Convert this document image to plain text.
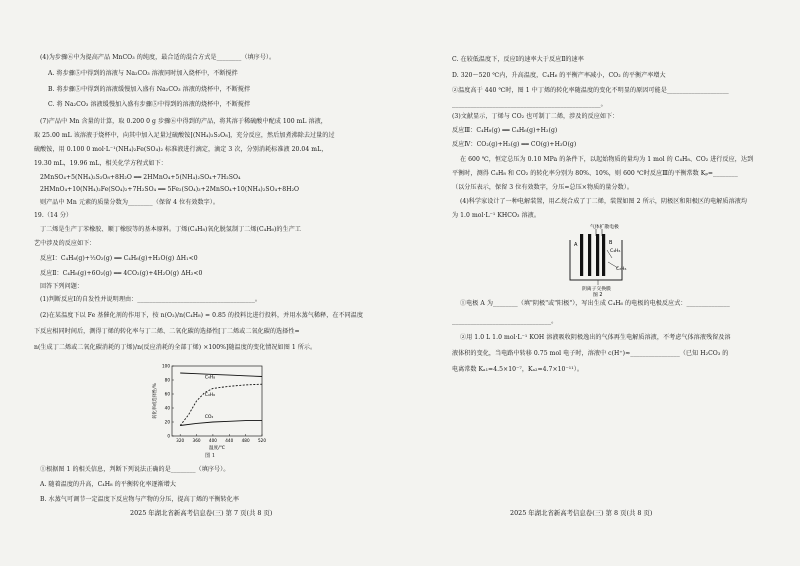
(4)为步骤⑥中为提高产品 MnCO₃ 的纯度，最合适的混合方式是________（填序号）。
A. 将步骤⑤中得到的溶液与 Na₂CO₃ 溶液同时加入烧杯中，不断搅拌
B. 将步骤⑤中得到的溶液缓慢加入盛有 Na₂CO₃ 溶液的烧杯中，不断搅拌
C. 将 Na₂CO₃ 溶液缓慢加入盛有步骤⑤中得到的溶液的烧杯中，不断搅拌
(7)产品中 Mn 含量的计算，取 0.200 0 g 步骤⑥中得到的产品，将其溶于稀硫酸中配成 100 mL 溶液，
取 25.00 mL 该溶液于烧杯中，向其中加入足量过硫酸铵[(NH₄)₂S₂O₈]，充分反应，然后加煮沸除去过量的过
硫酸铵，用 0.100 0 mol·L⁻¹(NH₄)₂Fe(SO₄)₂ 标准液进行滴定，滴定 3 次，分别消耗标准液 20.04 mL，
19.30 mL，19.96 mL，相关化学方程式如下：
2MnSO₄+5(NH₄)₂S₂O₈+8H₂O ══ 2HMnO₄+5(NH₄)₂SO₄+7H₂SO₄
2HMnO₄+10(NH₄)₂Fe(SO₄)₂+7H₂SO₄ ══ 5Fe₂(SO₄)₃+2MnSO₄+10(NH₄)₂SO₄+8H₂O
则产品中 Mn 元素的质量分数为________（保留 4 位有效数字）。
19.（14 分）
丁二烯是生产丁苯橡胶、顺丁橡胶等的基本原料。丁烯(C₄H₈)氧化脱氢制丁二烯(C₄H₆)的生产工
艺中涉及的反应如下：
反应Ⅰ：C₄H₈(g)+½O₂(g) ══ C₄H₆(g)+H₂O(g) ΔH₁<0
反应Ⅱ：C₄H₈(g)+6O₂(g) ══ 4CO₂(g)+4H₂O(g) ΔH₂<0
回答下列问题：
(1)判断反应Ⅰ的自发性并说明理由：______________________________________。
(2)在某温度下以 Fe 基催化剂的作用下，按 n(O₂)/n(C₄H₈) = 0.85 的投料比进行投料，并用水蒸气稀释，在不同温度
下反应相同时间后，测得丁烯的转化率与丁二烯、二氧化碳的选择性[丁二烯或二氧化碳的选择性=
n(生成丁二烯或二氧化碳消耗的丁烯)/n(反应消耗的全部丁烯) ×100%]随温度的变化情况如图 1 所示。
0
20
40
60
80
100
320 360 400 440 480 520
温度/℃
转化率或选择性/%
C₄H₈
C₄H₆
CO₂
图 1
①根据图 1 的相关信息，判断下列说法正确的是________（填序号）。
A. 随着温度的升高，C₄H₈ 的平衡转化率逐渐增大
B. 水蒸气可调节一定温度下反应物与产物的分压，提高丁烯的平衡转化率
2025 年湖北省新高考信息卷(三) 第 7 页(共 8 页)
C. 在较低温度下，反应Ⅰ的速率大于反应Ⅱ的速率
D. 320～520 ℃内，升高温度，C₄H₆ 的平衡产率减小，CO₂ 的平衡产率增大
②温度高于 440 ℃时，图 1 中丁烯的转化率随温度的变化不明显的原因可能是____________________
________________________________________________。
(3)文献显示，丁烯与 CO₂ 也可制丁二烯，涉及的反应如下：
反应Ⅲ：C₄H₈(g) ══ C₄H₆(g)+H₂(g)
反应Ⅳ：CO₂(g)+H₂(g) ══ CO(g)+H₂O(g)
在 600 ℃，恒定总压为 0.10 MPa 的条件下，以起始物质的量均为 1 mol 的 C₄H₈、CO₂ 进行反应，达到
平衡时，测得 C₄H₈ 和 CO₂ 的转化率分别为 80%、10%，则 600 ℃时反应Ⅲ的平衡常数 Kₚ=________
（以分压表示，保留 3 位有效数字，分压=总压×物质的量分数）。
(4)科学家设计了一种电解装置，用乙烷合成了丁二烯，装置如图 2 所示，阴极区和阳极区的电解质溶液均
为 1.0 mol·L⁻¹ KHCO₃ 溶液。
气体扩散电极
A	B
C₄H₆
C₂H₆
阴离子交换膜
图 2
①电极 A 为________（填"阴极"或"阳极"），写出生成 C₄H₆ 的电极的电极反应式：______________
________________________________。
②用 1.0 L 1.0 mol·L⁻¹ KOH 溶液吸收阴极逸出的气体再生电解质溶液，不考虑气体溶液残留及溶
液体积的变化，当电路中转移 0.75 mol 电子时，溶液中 c(H⁺)≈________________（已知 H₂CO₃ 的
电离常数 Kₐ₁=4.5×10⁻⁷，Kₐ₂=4.7×10⁻¹¹）。
2025 年湖北省新高考信息卷(三) 第 8 页(共 8 页)
